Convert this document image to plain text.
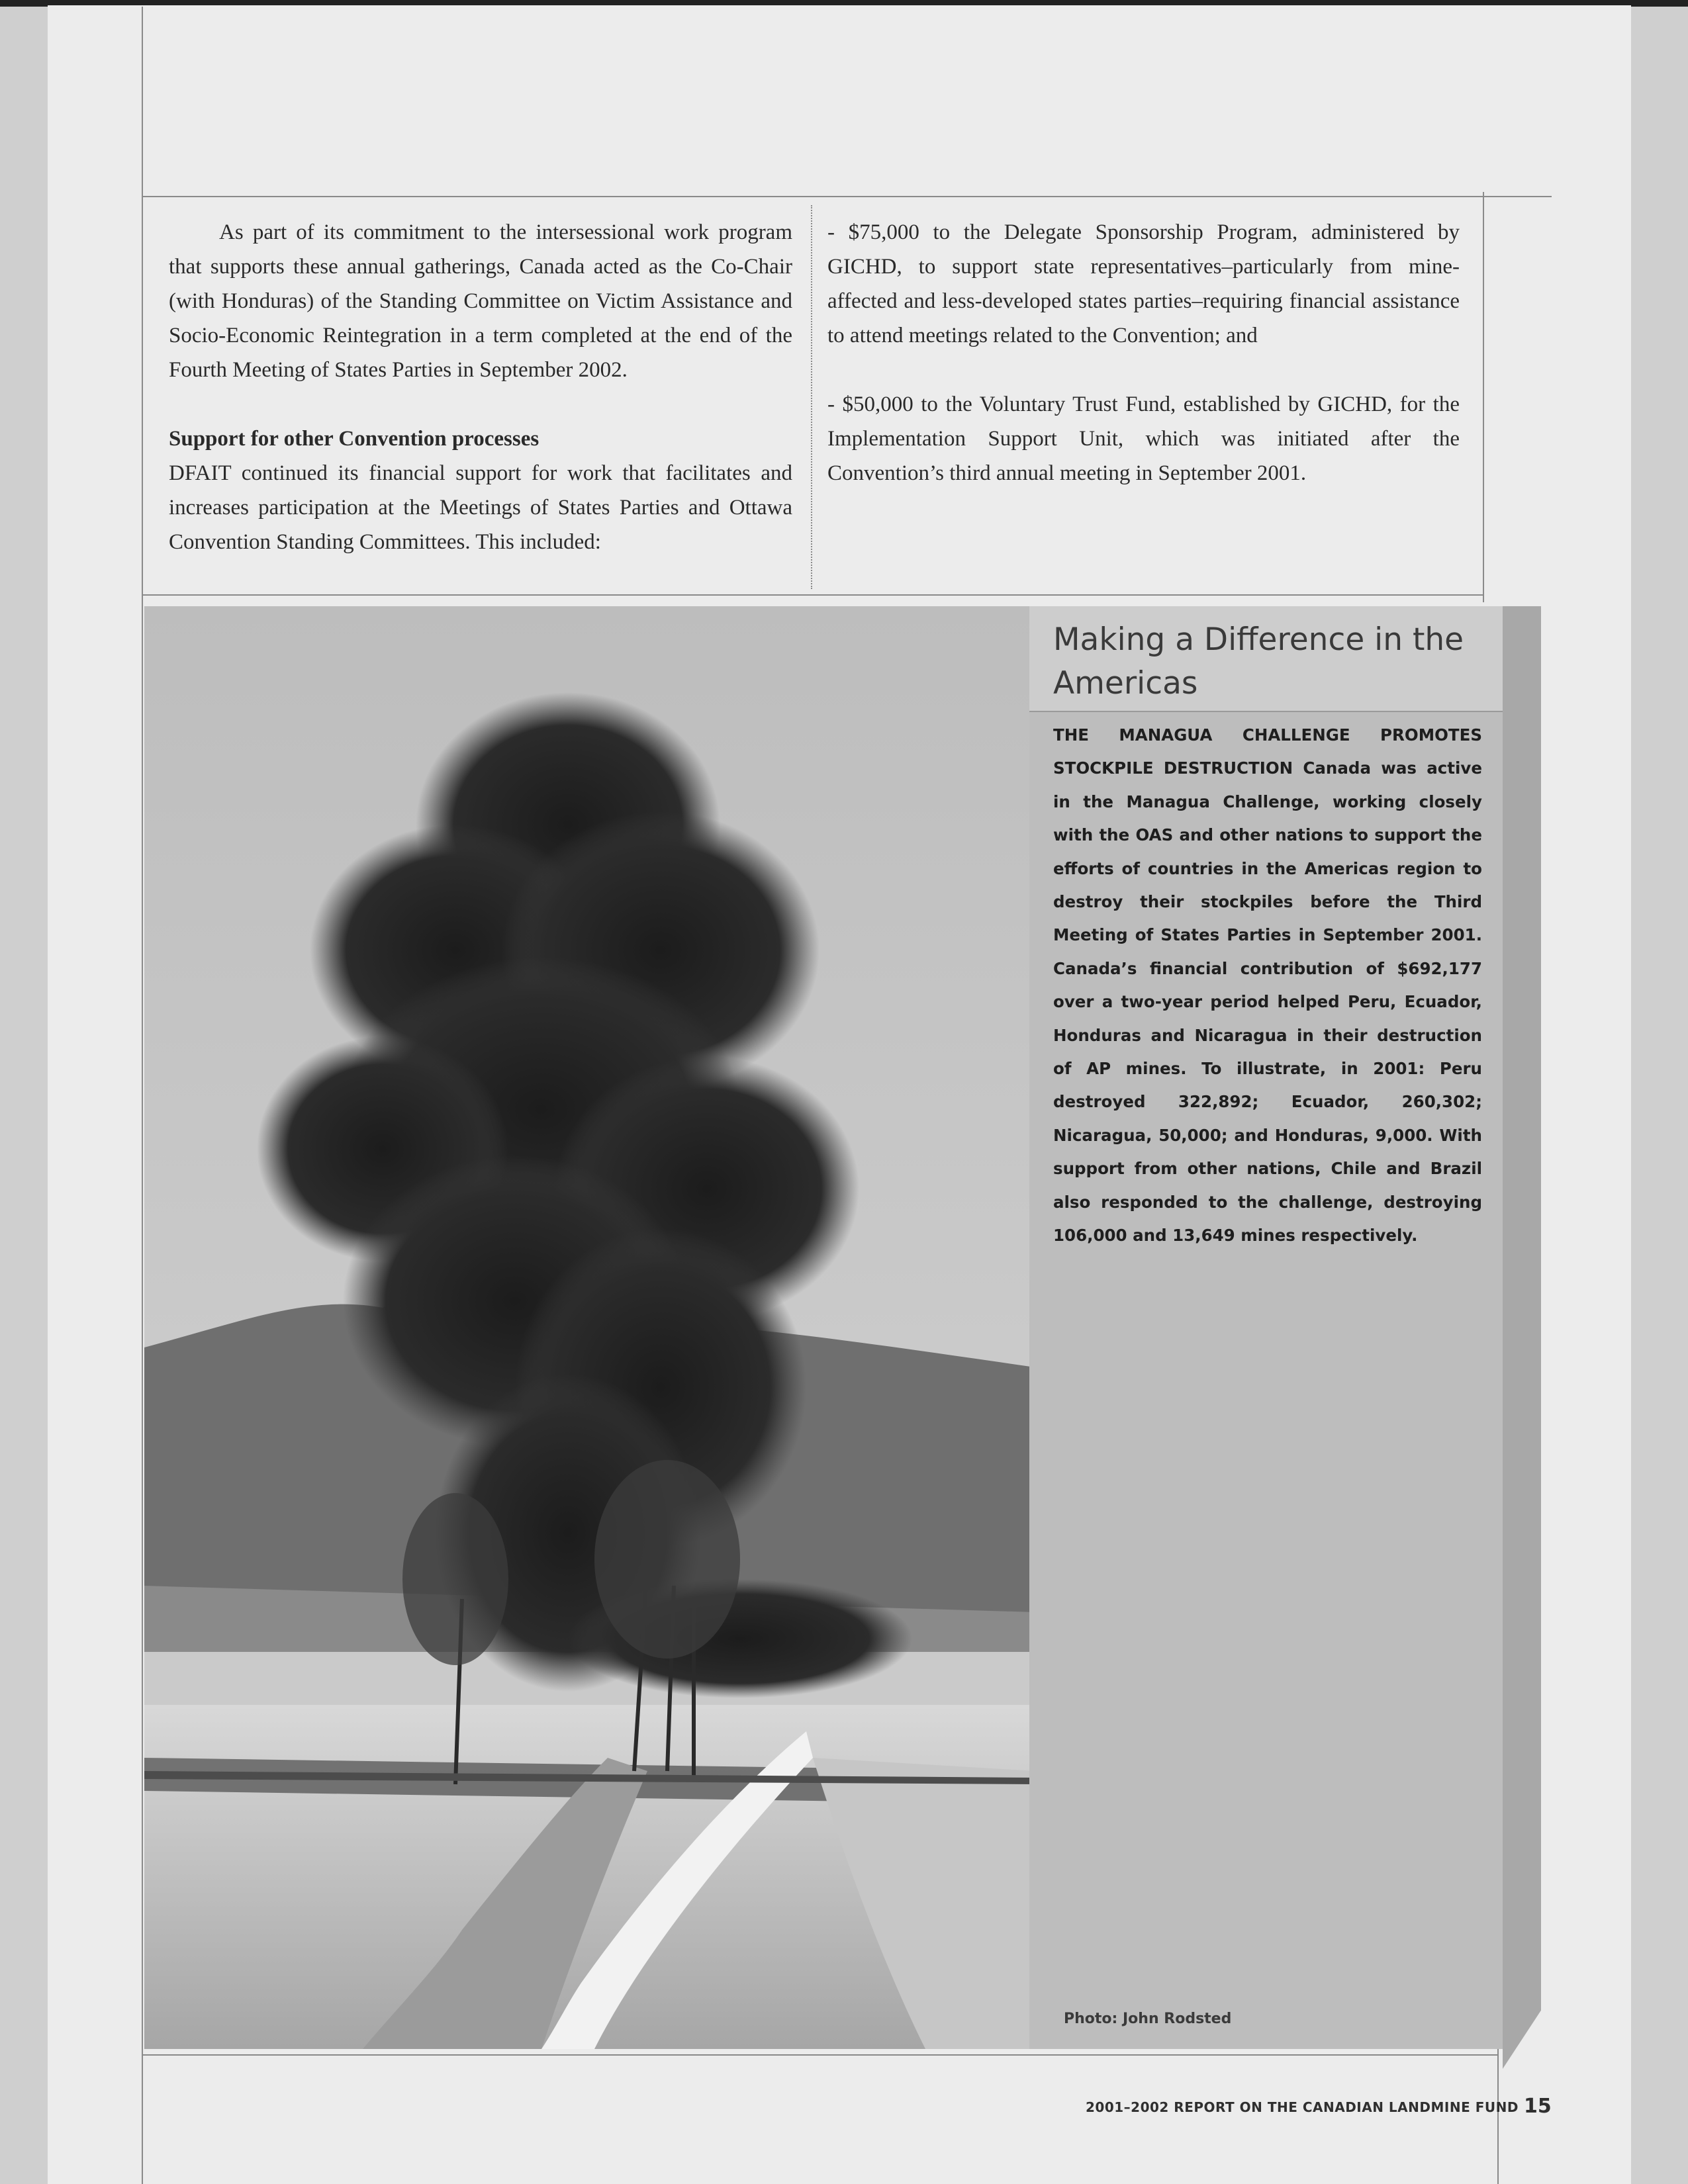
As part of its commitment to the intersessional work program that supports these annual gatherings, Canada acted as the Co-Chair (with Honduras) of the Standing Committee on Victim Assistance and Socio-Economic Reintegration in a term completed at the end of the Fourth Meeting of States Parties in September 2002.

Support for other Convention processes

DFAIT continued its financial support for work that facilitates and increases participation at the Meetings of States Parties and Ottawa Convention Standing Committees. This included:

- $75,000 to the Delegate Sponsorship Program, administered by GICHD, to support state representatives–particularly from mine-affected and less-developed states parties–requiring financial assistance to attend meetings related to the Convention; and

- $50,000 to the Voluntary Trust Fund, established by GICHD, for the Implementation Support Unit, which was initiated after the Convention’s third annual meeting in September 2001.

Making a Difference in the Americas
THE MANAGUA CHALLENGE PROMOTES STOCKPILE DESTRUCTION Canada was active in the Managua Challenge, working closely with the OAS and other nations to support the efforts of countries in the Americas region to destroy their stockpiles before the Third Meeting of States Parties in September 2001. Canada’s financial contribution of $692,177 over a two-year period helped Peru, Ecuador, Honduras and Nicaragua in their destruction of AP mines. To illustrate, in 2001: Peru destroyed 322,892; Ecuador, 260,302; Nicaragua, 50,000; and Honduras, 9,000. With support from other nations, Chile and Brazil also responded to the challenge, destroying 106,000 and 13,649 mines respectively.
Photo: John Rodsted
2001–2002 REPORT ON THE CANADIAN LANDMINE FUND 15
